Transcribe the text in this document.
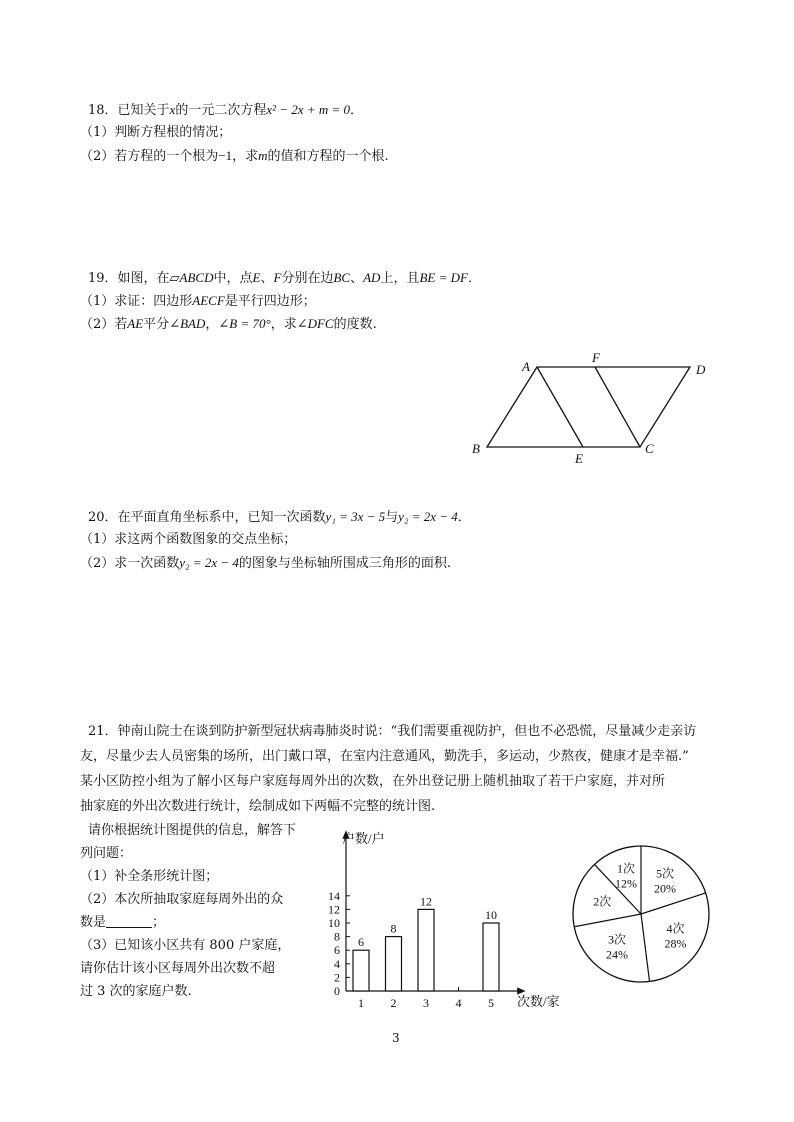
18．已知关于x的一元二次方程x² − 2x + m = 0．
（1）判断方程根的情况；
（2）若方程的一个根为−1，求m的值和方程的一个根.
19．如图，在▱ABCD中，点E、F分别在边BC、AD上，且BE = DF．
（1）求证：四边形AECF是平行四边形；
（2）若AE平分∠BAD，∠B = 70°，求∠DFC的度数.
A
F
D
B
E
C
20．在平面直角坐标系中，已知一次函数y₁ = 3x − 5与y₂ = 2x − 4．
（1）求这两个函数图象的交点坐标；
（2）求一次函数y₂ = 2x − 4的图象与坐标轴所围成三角形的面积.
21．钟南山院士在谈到防护新型冠状病毒肺炎时说：“我们需要重视防护，但也不必恐慌，尽量减少走亲访
友，尽量少去人员密集的场所，出门戴口罩，在室内注意通风，勤洗手，多运动，少熬夜，健康才是幸福.”
某小区防控小组为了解小区每户家庭每周外出的次数，在外出登记册上随机抽取了若干户家庭，并对所
抽家庭的外出次数进行统计，绘制成如下两幅不完整的统计图.
请你根据统计图提供的信息，解答下
列问题：
（1）补全条形统计图；
（2）本次所抽取家庭每周外出的众
数是	；
（3）已知该小区共有 800 户家庭，
请你估计该小区每周外出次数不超
过 3 次的家庭户数.
户数/户
次数/家
0
2
4
6
8
10
12
14
1 2 3 4 5
6
8
12
10
5次
20%
4次
28%
3次
24%
2次
1次
12%
3
